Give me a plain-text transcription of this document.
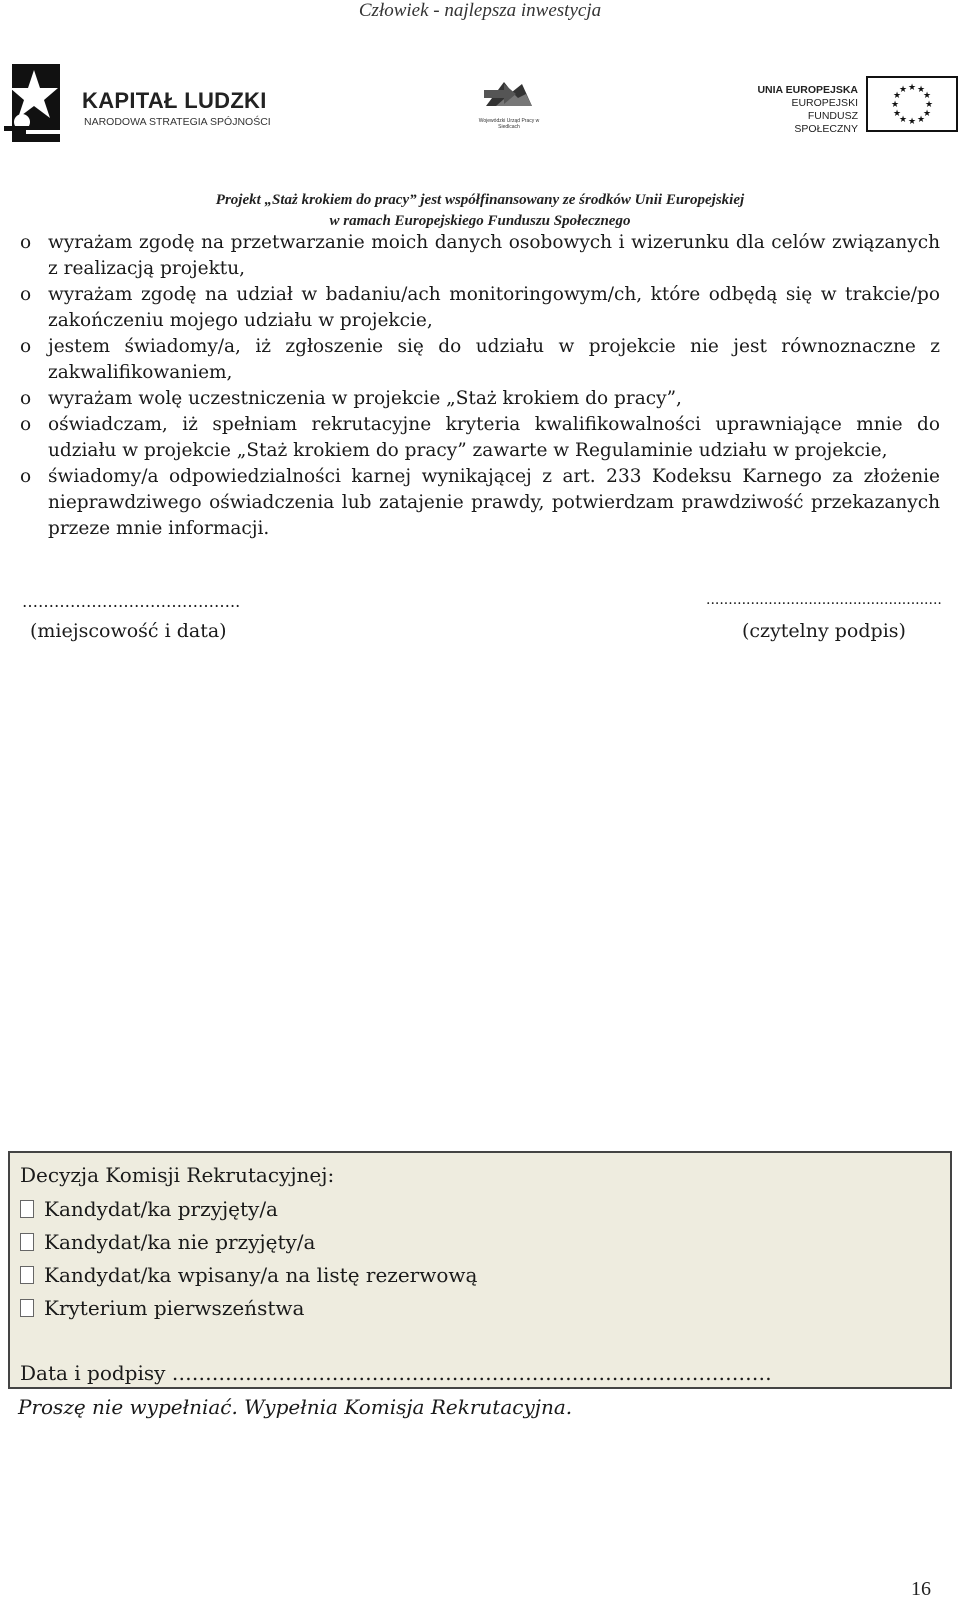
Człowiek - najlepsza inwestycja
KAPITAŁ LUDZKI
NARODOWA STRATEGIA SPÓJNOŚCI	Wojewódzki Urząd Pracy w Siedlcach
UNIA EUROPEJSKA
EUROPEJSKI
FUNDUSZ SPOŁECZNY
★ ★
★
★
★
★
★
★
★
★
★
★
Projekt „Staż krokiem do pracy” jest współfinansowany ze środków Unii Europejskiej
w ramach Europejskiego Funduszu Społecznego
o wyrażam zgodę na przetwarzanie moich danych osobowych i wizerunku dla celów związanych z realizacją projektu,
o wyrażam zgodę na udział w badaniu/ach monitoringowym/ch, które odbędą się w trakcie/po zakończeniu mojego udziału w projekcie,
o jestem świadomy/a, iż zgłoszenie się do udziału w projekcie nie jest równoznaczne z zakwalifikowaniem,
o wyrażam wolę uczestniczenia w projekcie „Staż krokiem do pracy”,
o oświadczam, iż spełniam rekrutacyjne kryteria kwalifikowalności uprawniające mnie do udziału w projekcie „Staż krokiem do pracy” zawarte w Regulaminie udziału w projekcie,
o świadomy/a odpowiedzialności karnej wynikającej z art. 233 Kodeksu Karnego za złożenie nieprawdziwego oświadczenia lub zatajenie prawdy, potwierdzam prawdziwość przekazanych przeze mnie informacji.
…………………………………..	.....................................................
(miejscowość i data)	(czytelny podpis)
Decyzja Komisji Rekrutacyjnej:
Kandydat/ka przyjęty/a
Kandydat/ka nie przyjęty/a
Kandydat/ka wpisany/a na listę rezerwową
Kryterium pierwszeństwa
Data i podpisy ………………………………………………………………………………
Proszę nie wypełniać. Wypełnia Komisja Rekrutacyjna.
16
